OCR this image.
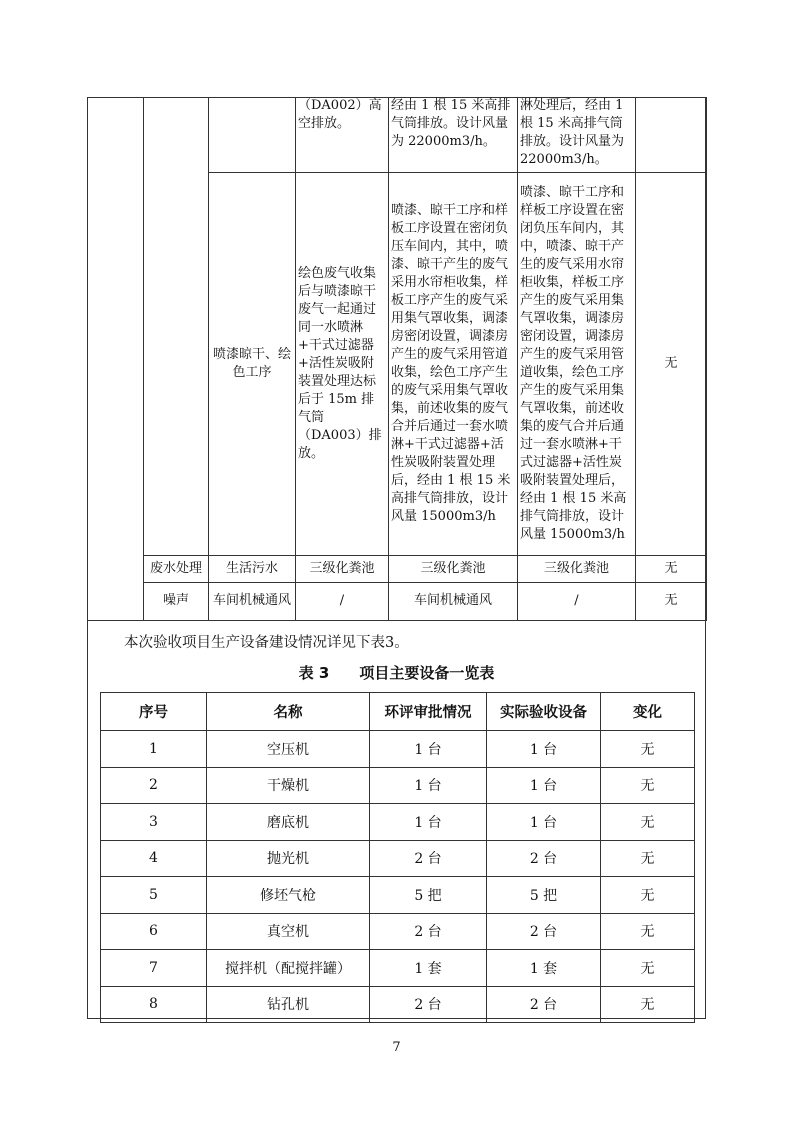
			（DA002）高空排放。	经由 1 根 15 米高排气筒排放。设计风量为 22000m3/h。	淋处理后，经由 1 根 15 米高排气筒排放。设计风量为 22000m3/h。	
		喷漆晾干、绘色工序	绘色废气收集后与喷漆晾干废气一起通过同一水喷淋+干式过滤器+活性炭吸附装置处理达标后于 15m 排气筒（DA003）排放。	喷漆、晾干工序和样板工序设置在密闭负压车间内，其中，喷漆、晾干产生的废气采用水帘柜收集，样板工序产生的废气采用集气罩收集，调漆房密闭设置，调漆房产生的废气采用管道收集，绘色工序产生的废气采用集气罩收集，前述收集的废气合并后通过一套水喷淋+干式过滤器+活性炭吸附装置处理后，经由 1 根 15 米高排气筒排放，设计风量 15000m3/h	喷漆、晾干工序和样板工序设置在密闭负压车间内，其中，喷漆、晾干产生的废气采用水帘柜收集，样板工序产生的废气采用集气罩收集，调漆房密闭设置，调漆房产生的废气采用管道收集，绘色工序产生的废气采用集气罩收集，前述收集的废气合并后通过一套水喷淋+干式过滤器+活性炭吸附装置处理后，经由 1 根 15 米高排气筒排放，设计风量 15000m3/h	无
	废水处理	生活污水	三级化粪池	三级化粪池	三级化粪池	无
	噪声	车间机械通风	/	车间机械通风	/	无
本次验收项目生产设备建设情况详见下表3。
表 3　　项目主要设备一览表
序号	名称	环评审批情况	实际验收设备	变化
1	空压机	1 台	1 台	无
2	干燥机	1 台	1 台	无
3	磨底机	1 台	1 台	无
4	抛光机	2 台	2 台	无
5	修坯气枪	5 把	5 把	无
6	真空机	2 台	2 台	无
7	搅拌机（配搅拌罐）	1 套	1 套	无
8	钻孔机	2 台	2 台	无
7
